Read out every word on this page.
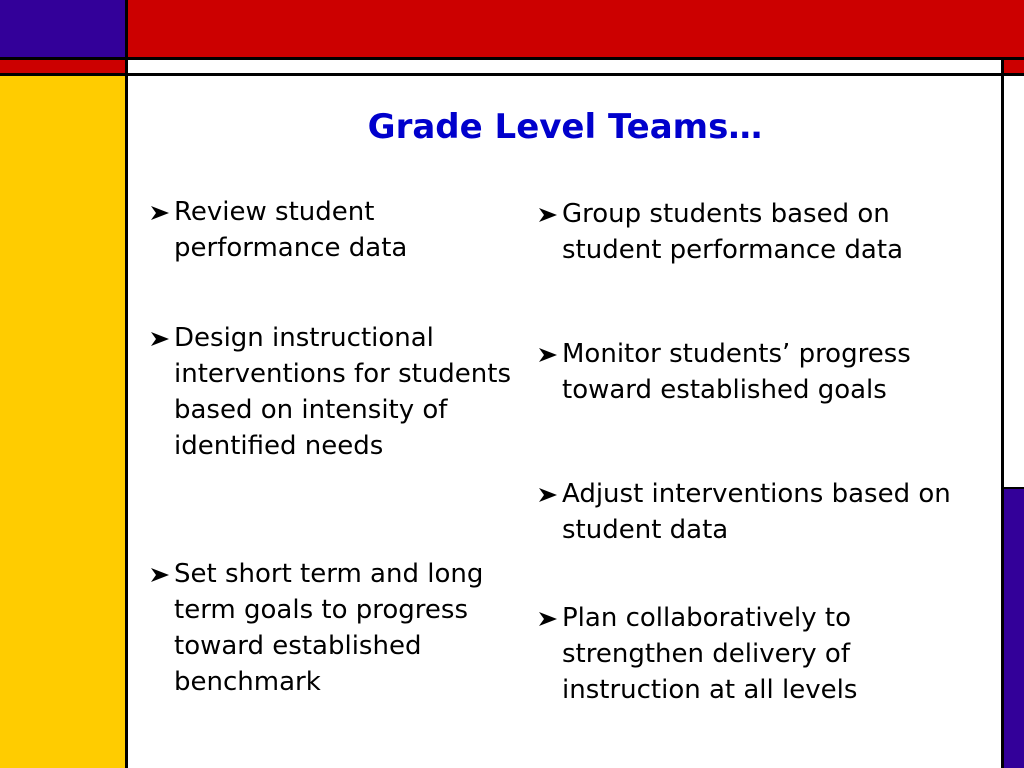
Grade Level Teams…
Review student performance data
Design instructional interventions for students based on intensity of identified needs
Set short term and long term goals to progress toward established benchmark
Group students based on student performance data
Monitor students’ progress toward established goals
Adjust interventions based on student data
Plan collaboratively to strengthen delivery of instruction at all levels
